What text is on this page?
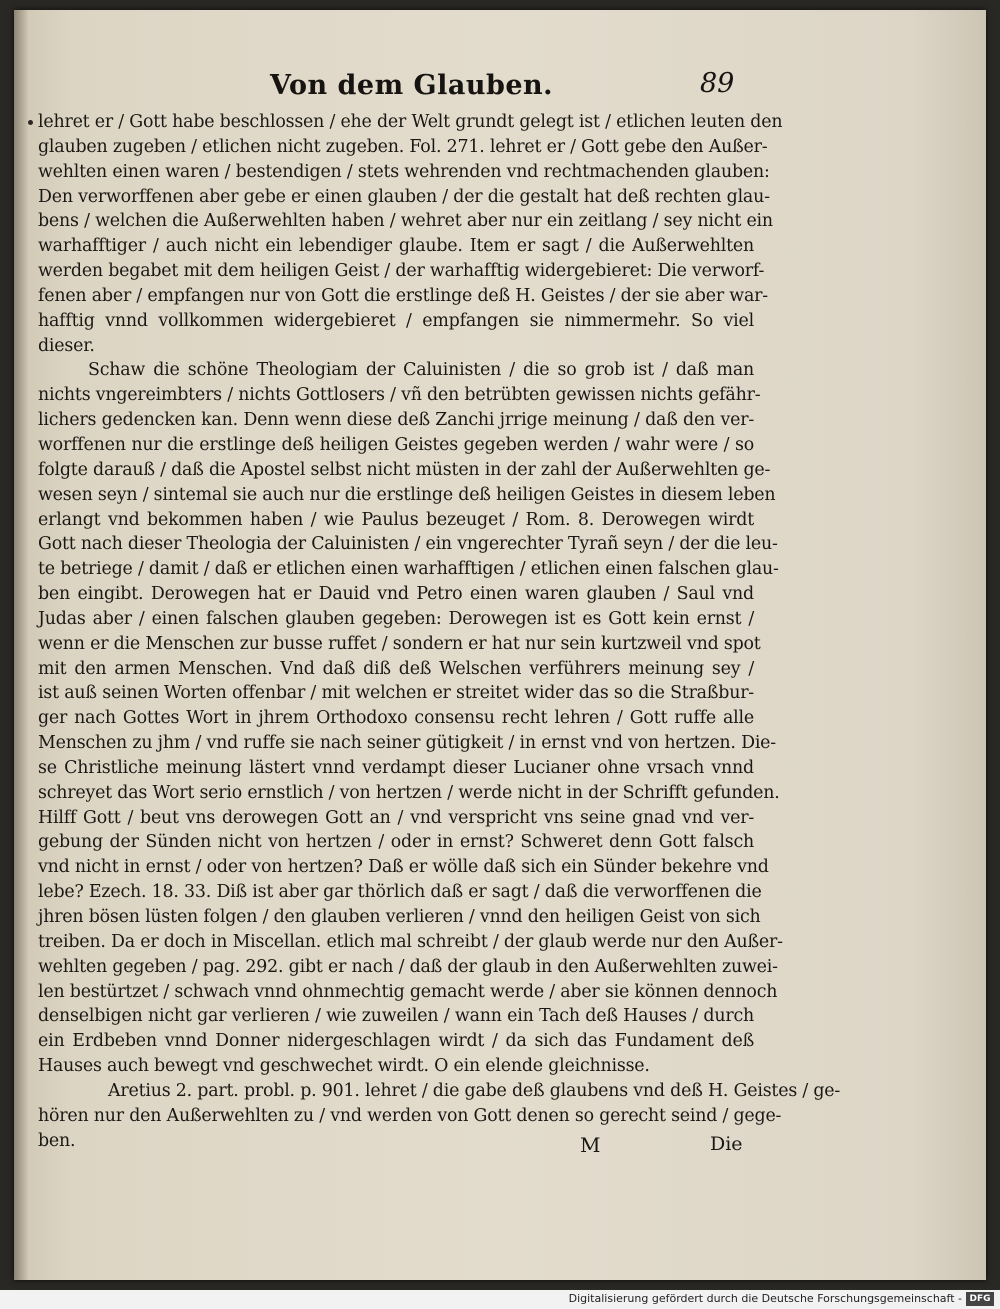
Von dem Glauben.	89
lehret er / Gott habe beschlossen / ehe der Welt grundt gelegt ist / etlichen leuten den
glauben zugeben / etlichen nicht zugeben. Fol. 271. lehret er / Gott gebe den Außer-
wehlten einen waren / bestendigen / stets wehrenden vnd rechtmachenden glauben:
Den verworffenen aber gebe er einen glauben / der die gestalt hat deß rechten glau-
bens / welchen die Außerwehlten haben / wehret aber nur ein zeitlang / sey nicht ein
warhafftiger / auch nicht ein lebendiger glaube. Item er sagt / die Außerwehlten
werden begabet mit dem heiligen Geist / der warhafftig widergebieret: Die verworf-
fenen aber / empfangen nur von Gott die erstlinge deß H. Geistes / der sie aber war-
hafftig vnnd vollkommen widergebieret / empfangen sie nimmermehr. So viel
dieser.
Schaw die schöne Theologiam der Caluinisten / die so grob ist / daß man
nichts vngereimbters / nichts Gottlosers / vñ den betrübten gewissen nichts gefähr-
lichers gedencken kan. Denn wenn diese deß Zanchi jrrige meinung / daß den ver-
worffenen nur die erstlinge deß heiligen Geistes gegeben werden / wahr were / so
folgte darauß / daß die Apostel selbst nicht müsten in der zahl der Außerwehlten ge-
wesen seyn / sintemal sie auch nur die erstlinge deß heiligen Geistes in diesem leben
erlangt vnd bekommen haben / wie Paulus bezeuget / Rom. 8. Derowegen wirdt
Gott nach dieser Theologia der Caluinisten / ein vngerechter Tyrañ seyn / der die leu-
te betriege / damit / daß er etlichen einen warhafftigen / etlichen einen falschen glau-
ben eingibt. Derowegen hat er Dauid vnd Petro einen waren glauben / Saul vnd
Judas aber / einen falschen glauben gegeben: Derowegen ist es Gott kein ernst /
wenn er die Menschen zur busse ruffet / sondern er hat nur sein kurtzweil vnd spot
mit den armen Menschen. Vnd daß diß deß Welschen verführers meinung sey /
ist auß seinen Worten offenbar / mit welchen er streitet wider das so die Straßbur-
ger nach Gottes Wort in jhrem Orthodoxo consensu recht lehren / Gott ruffe alle
Menschen zu jhm / vnd ruffe sie nach seiner gütigkeit / in ernst vnd von hertzen. Die-
se Christliche meinung lästert vnnd verdampt dieser Lucianer ohne vrsach vnnd
schreyet das Wort serio ernstlich / von hertzen / werde nicht in der Schrifft gefunden.
Hilff Gott / beut vns derowegen Gott an / vnd verspricht vns seine gnad vnd ver-
gebung der Sünden nicht von hertzen / oder in ernst? Schweret denn Gott falsch
vnd nicht in ernst / oder von hertzen? Daß er wölle daß sich ein Sünder bekehre vnd
lebe? Ezech. 18. 33. Diß ist aber gar thörlich daß er sagt / daß die verworffenen die
jhren bösen lüsten folgen / den glauben verlieren / vnnd den heiligen Geist von sich
treiben. Da er doch in Miscellan. etlich mal schreibt / der glaub werde nur den Außer-
wehlten gegeben / pag. 292. gibt er nach / daß der glaub in den Außerwehlten zuwei-
len bestürtzet / schwach vnnd ohnmechtig gemacht werde / aber sie können dennoch
denselbigen nicht gar verlieren / wie zuweilen / wann ein Tach deß Hauses / durch
ein Erdbeben vnnd Donner nidergeschlagen wirdt / da sich das Fundament deß
Hauses auch bewegt vnd geschwechet wirdt. O ein elende gleichnisse.
Aretius 2. part. probl. p. 901. lehret / die gabe deß glaubens vnd deß H. Geistes / ge-
hören nur den Außerwehlten zu / vnd werden von Gott denen so gerecht seind / gege-
ben.	M	Die
Digitalisierung gefördert durch die Deutsche Forschungsgemeinschaft - DFG
